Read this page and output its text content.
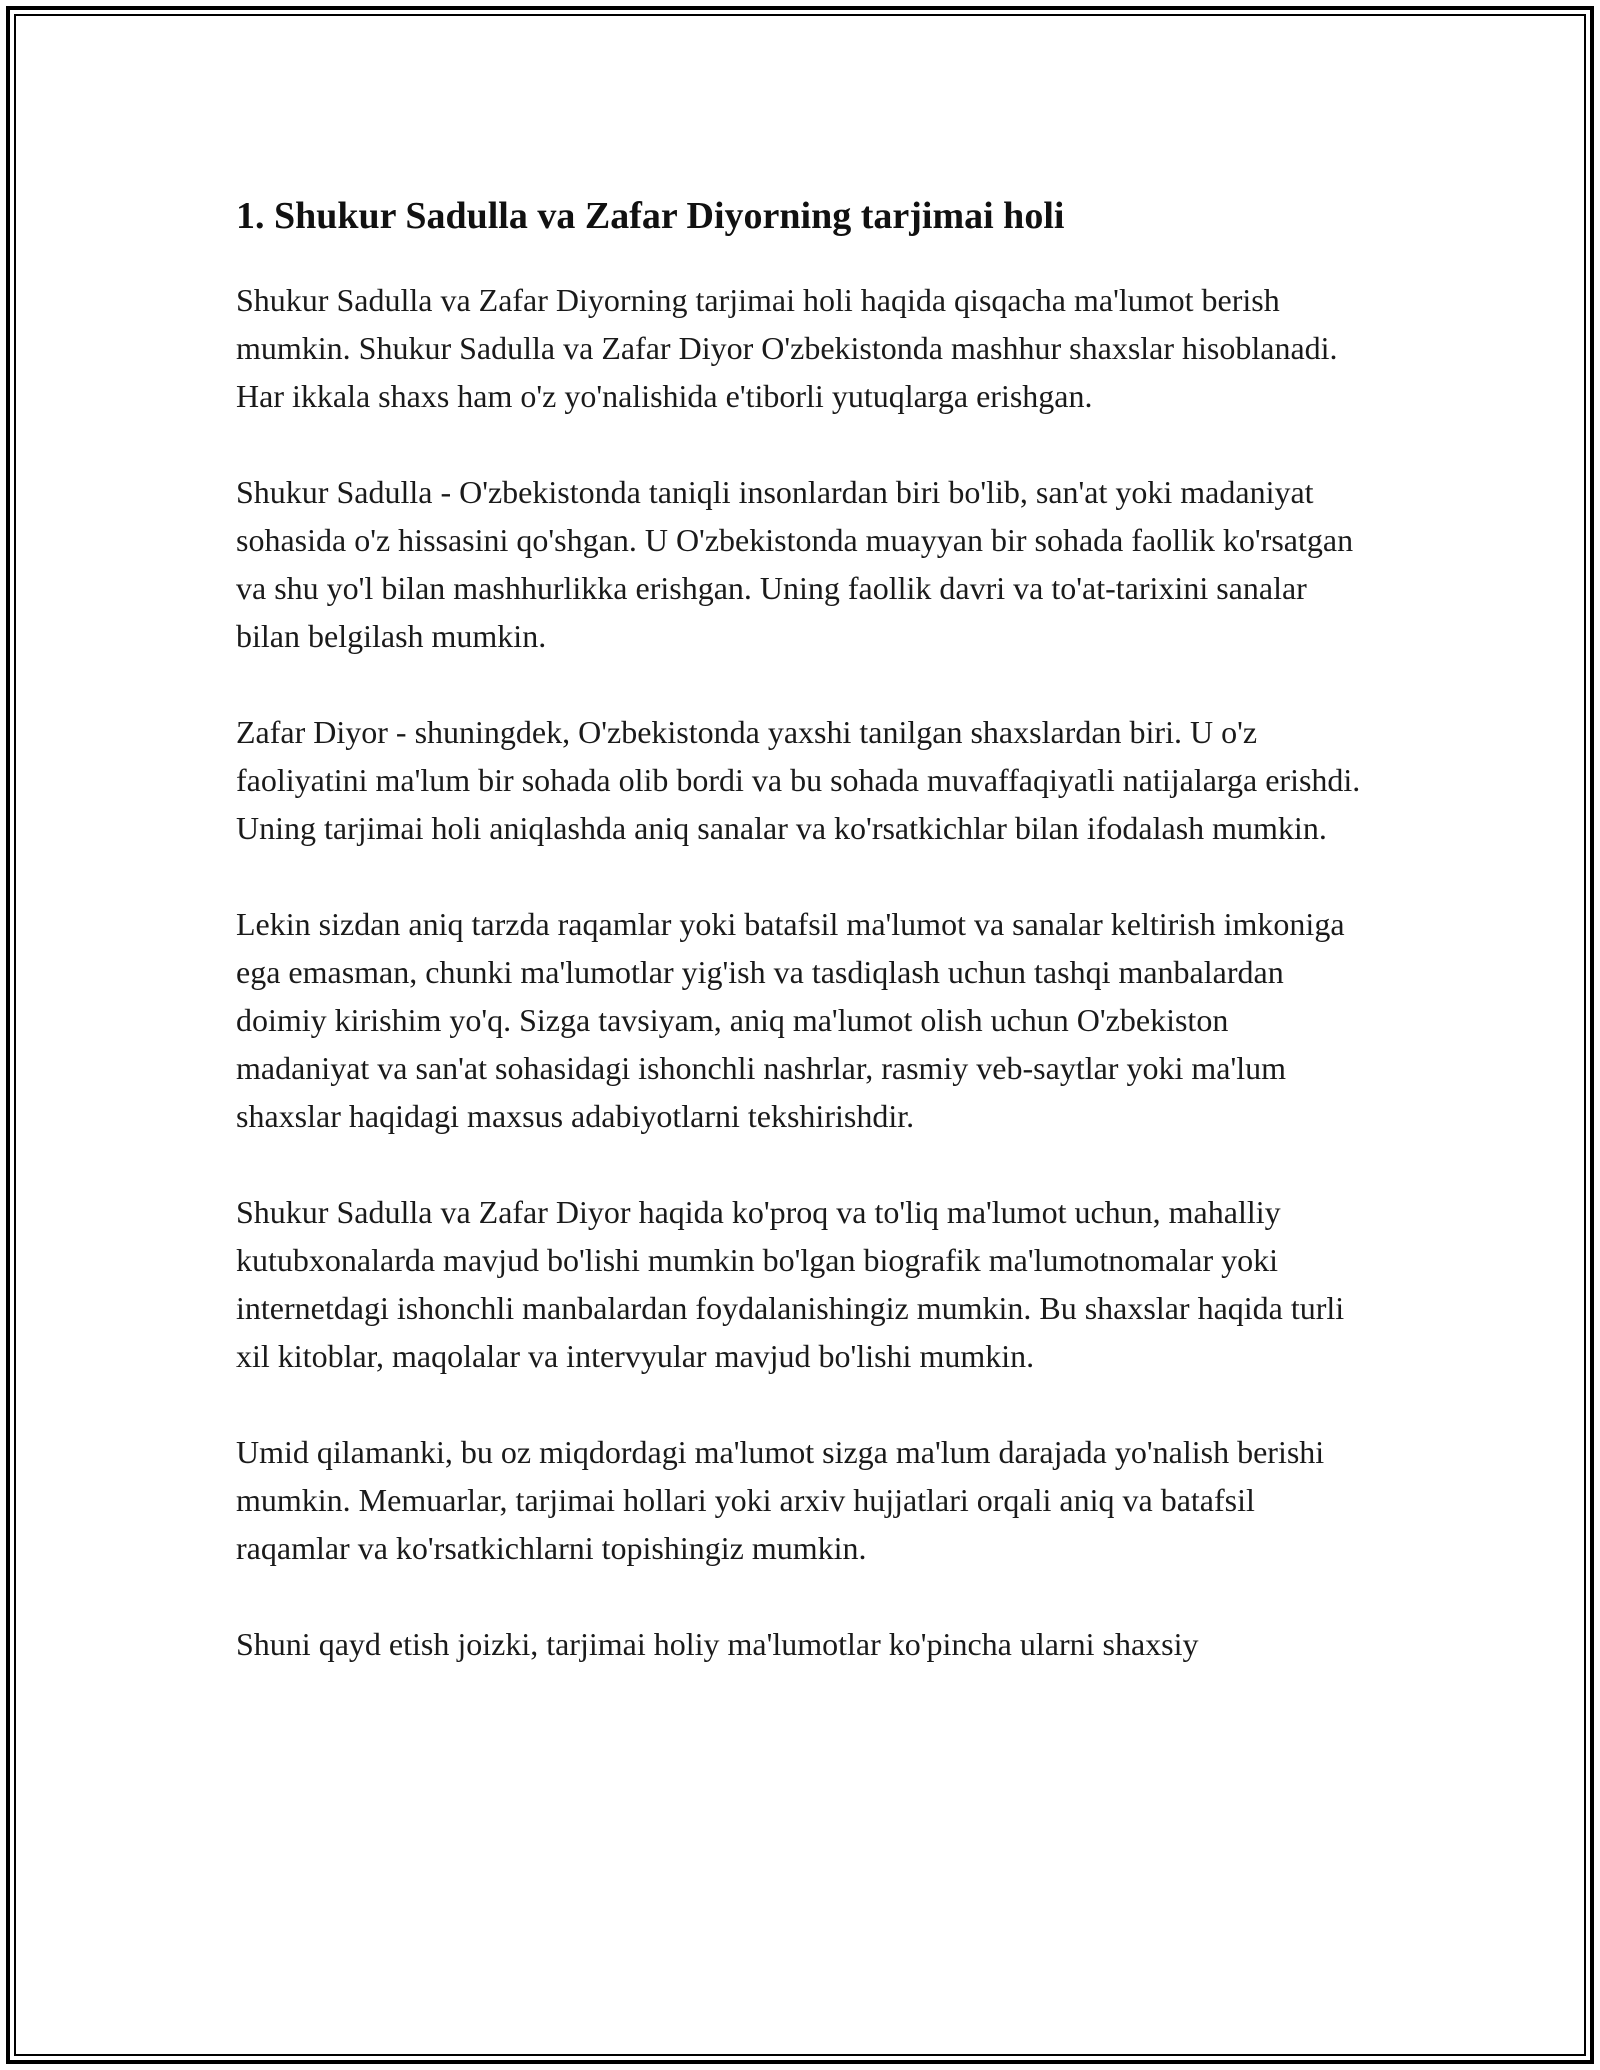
1. Shukur Sadulla va Zafar Diyorning tarjimai holi

Shukur Sadulla va Zafar Diyorning tarjimai holi haqida qisqacha ma'lumot berish mumkin. Shukur Sadulla va Zafar Diyor O'zbekistonda mashhur shaxslar hisoblanadi. Har ikkala shaxs ham o'z yo'nalishida e'tiborli yutuqlarga erishgan.

Shukur Sadulla - O'zbekistonda taniqli insonlardan biri bo'lib, san'at yoki madaniyat sohasida o'z hissasini qo'shgan. U O'zbekistonda muayyan bir sohada faollik ko'rsatgan va shu yo'l bilan mashhurlikka erishgan. Uning faollik davri va to'at-tarixini sanalar bilan belgilash mumkin.

Zafar Diyor - shuningdek, O'zbekistonda yaxshi tanilgan shaxslardan biri. U o'z faoliyatini ma'lum bir sohada olib bordi va bu sohada muvaffaqiyatli natijalarga erishdi. Uning tarjimai holi aniqlashda aniq sanalar va ko'rsatkichlar bilan ifodalash mumkin.

Lekin sizdan aniq tarzda raqamlar yoki batafsil ma'lumot va sanalar keltirish imkoniga ega emasman, chunki ma'lumotlar yig'ish va tasdiqlash uchun tashqi manbalardan doimiy kirishim yo'q. Sizga tavsiyam, aniq ma'lumot olish uchun O'zbekiston madaniyat va san'at sohasidagi ishonchli nashrlar, rasmiy veb-saytlar yoki ma'lum shaxslar haqidagi maxsus adabiyotlarni tekshirishdir.

Shukur Sadulla va Zafar Diyor haqida ko'proq va to'liq ma'lumot uchun, mahalliy kutubxonalarda mavjud bo'lishi mumkin bo'lgan biografik ma'lumotnomalar yoki internetdagi ishonchli manbalardan foydalanishingiz mumkin. Bu shaxslar haqida turli xil kitoblar, maqolalar va intervyular mavjud bo'lishi mumkin.

Umid qilamanki, bu oz miqdordagi ma'lumot sizga ma'lum darajada yo'nalish berishi mumkin. Memuarlar, tarjimai hollari yoki arxiv hujjatlari orqali aniq va batafsil raqamlar va ko'rsatkichlarni topishingiz mumkin.

Shuni qayd etish joizki, tarjimai holiy ma'lumotlar ko'pincha ularni shaxsiy
